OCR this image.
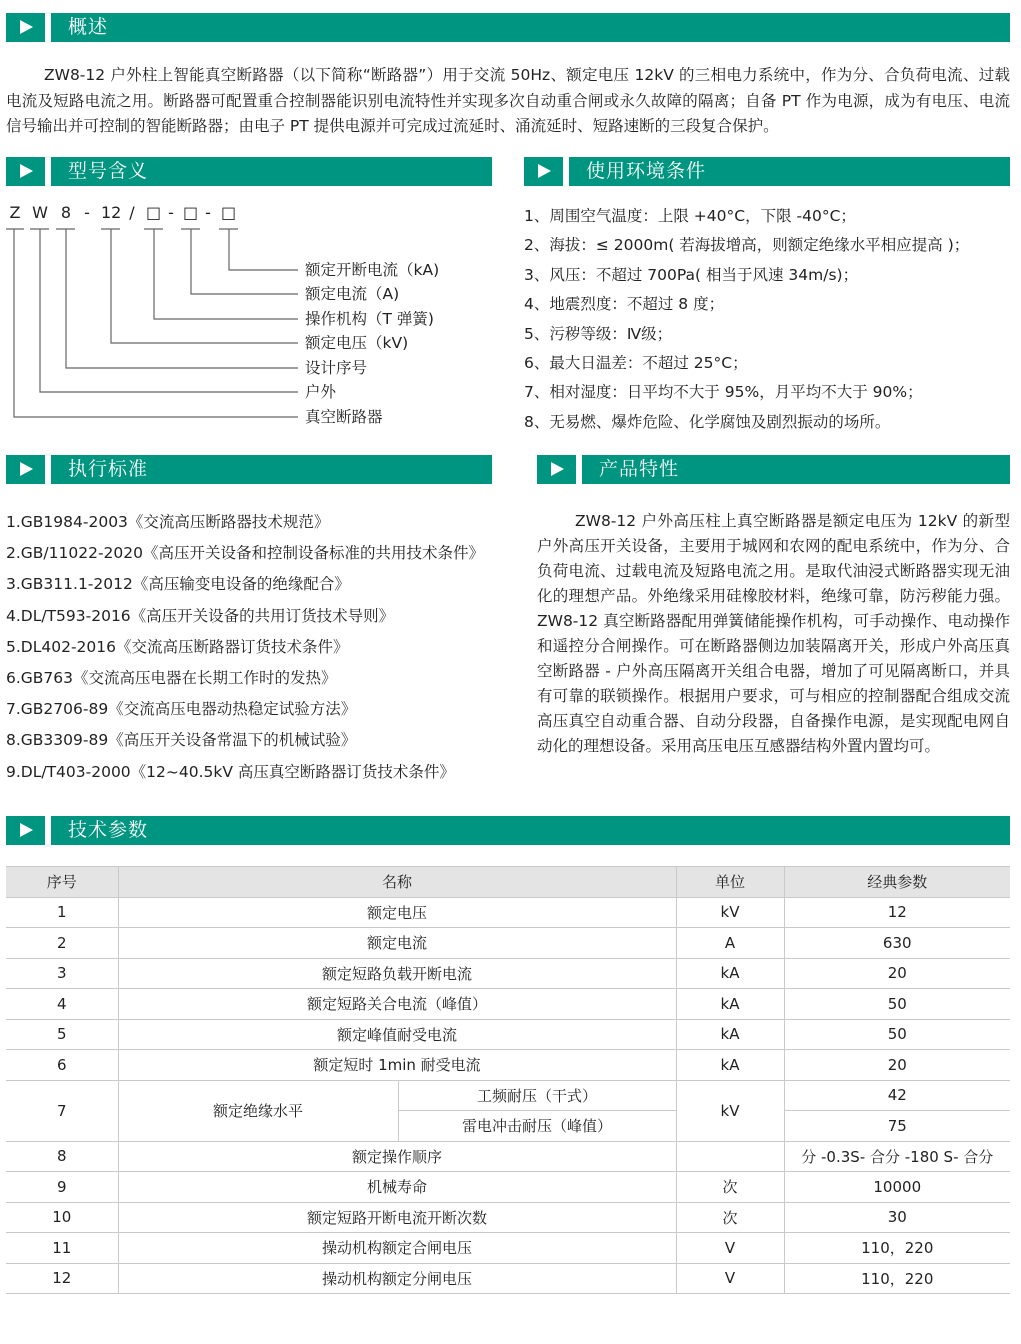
概述
ZW8-12 户外柱上智能真空断路器（以下简称“断路器”）用于交流 50Hz、额定电压 12kV 的三相电力系统中，作为分、合负荷电流、过载电流及短路电流之用。断路器可配置重合控制器能识别电流特性并实现多次自动重合闸或永久故障的隔离；自备 PT 作为电源，成为有电压、电流信号输出并可控制的智能断路器；由电子 PT 提供电源并可完成过流延时、涌流延时、短路速断的三段复合保护。
型号含义
Z W 8 - 12 / □ - □ - □
额定开断电流（kA)
额定电流（A)
操作机构（T 弹簧)
额定电压（kV)
设计序号
户外
真空断路器
使用环境条件
1、周围空气温度：上限 +40°C，下限 -40°C；
2、海拔：≤ 2000m( 若海拔增高，则额定绝缘水平相应提高 )；
3、风压：不超过 700Pa( 相当于风速 34m/s)；
4、地震烈度：不超过 8 度；
5、污秽等级：Ⅳ级；
6、最大日温差：不超过 25°C；
7、相对湿度：日平均不大于 95%，月平均不大于 90%；
8、无易燃、爆炸危险、化学腐蚀及剧烈振动的场所。
执行标准
1.GB1984-2003《交流高压断路器技术规范》
2.GB/11022-2020《高压开关设备和控制设备标准的共用技术条件》
3.GB311.1-2012《高压输变电设备的绝缘配合》
4.DL/T593-2016《高压开关设备的共用订货技术导则》
5.DL402-2016《交流高压断路器订货技术条件》
6.GB763《交流高压电器在长期工作时的发热》
7.GB2706-89《交流高压电器动热稳定试验方法》
8.GB3309-89《高压开关设备常温下的机械试验》
9.DL/T403-2000《12~40.5kV 高压真空断路器订货技术条件》
产品特性
ZW8-12 户外高压柱上真空断路器是额定电压为 12kV 的新型户外高压开关设备，主要用于城网和农网的配电系统中，作为分、合负荷电流、过载电流及短路电流之用。是取代油浸式断路器实现无油化的理想产品。外绝缘采用硅橡胶材料，绝缘可靠，防污秽能力强。ZW8-12 真空断路器配用弹簧储能操作机构，可手动操作、电动操作和遥控分合闸操作。可在断路器侧边加装隔离开关，形成户外高压真空断路器 - 户外高压隔离开关组合电器，增加了可见隔离断口，并具有可靠的联锁操作。根据用户要求，可与相应的控制器配合组成交流高压真空自动重合器、自动分段器，自备操作电源，是实现配电网自动化的理想设备。采用高压电压互感器结构外置内置均可。
技术参数
序号	名称		单位	经典参数
1	额定电压		kV	12
2	额定电流		A	630
3	额定短路负载开断电流		kA	20
4	额定短路关合电流（峰值）		kA	50
5	额定峰值耐受电流		kA	50
6	额定短时 1min 耐受电流		kA	20
7	额定绝缘水平	工频耐压（干式）	kV	42
		雷电冲击耐压（峰值）		75
8	额定操作顺序			分 -0.3S- 合分 -180 S- 合分
9	机械寿命		次	10000
10	额定短路开断电流开断次数		次	30
11	操动机构额定合闸电压		V	110，220
12	操动机构额定分闸电压		V	110，220
